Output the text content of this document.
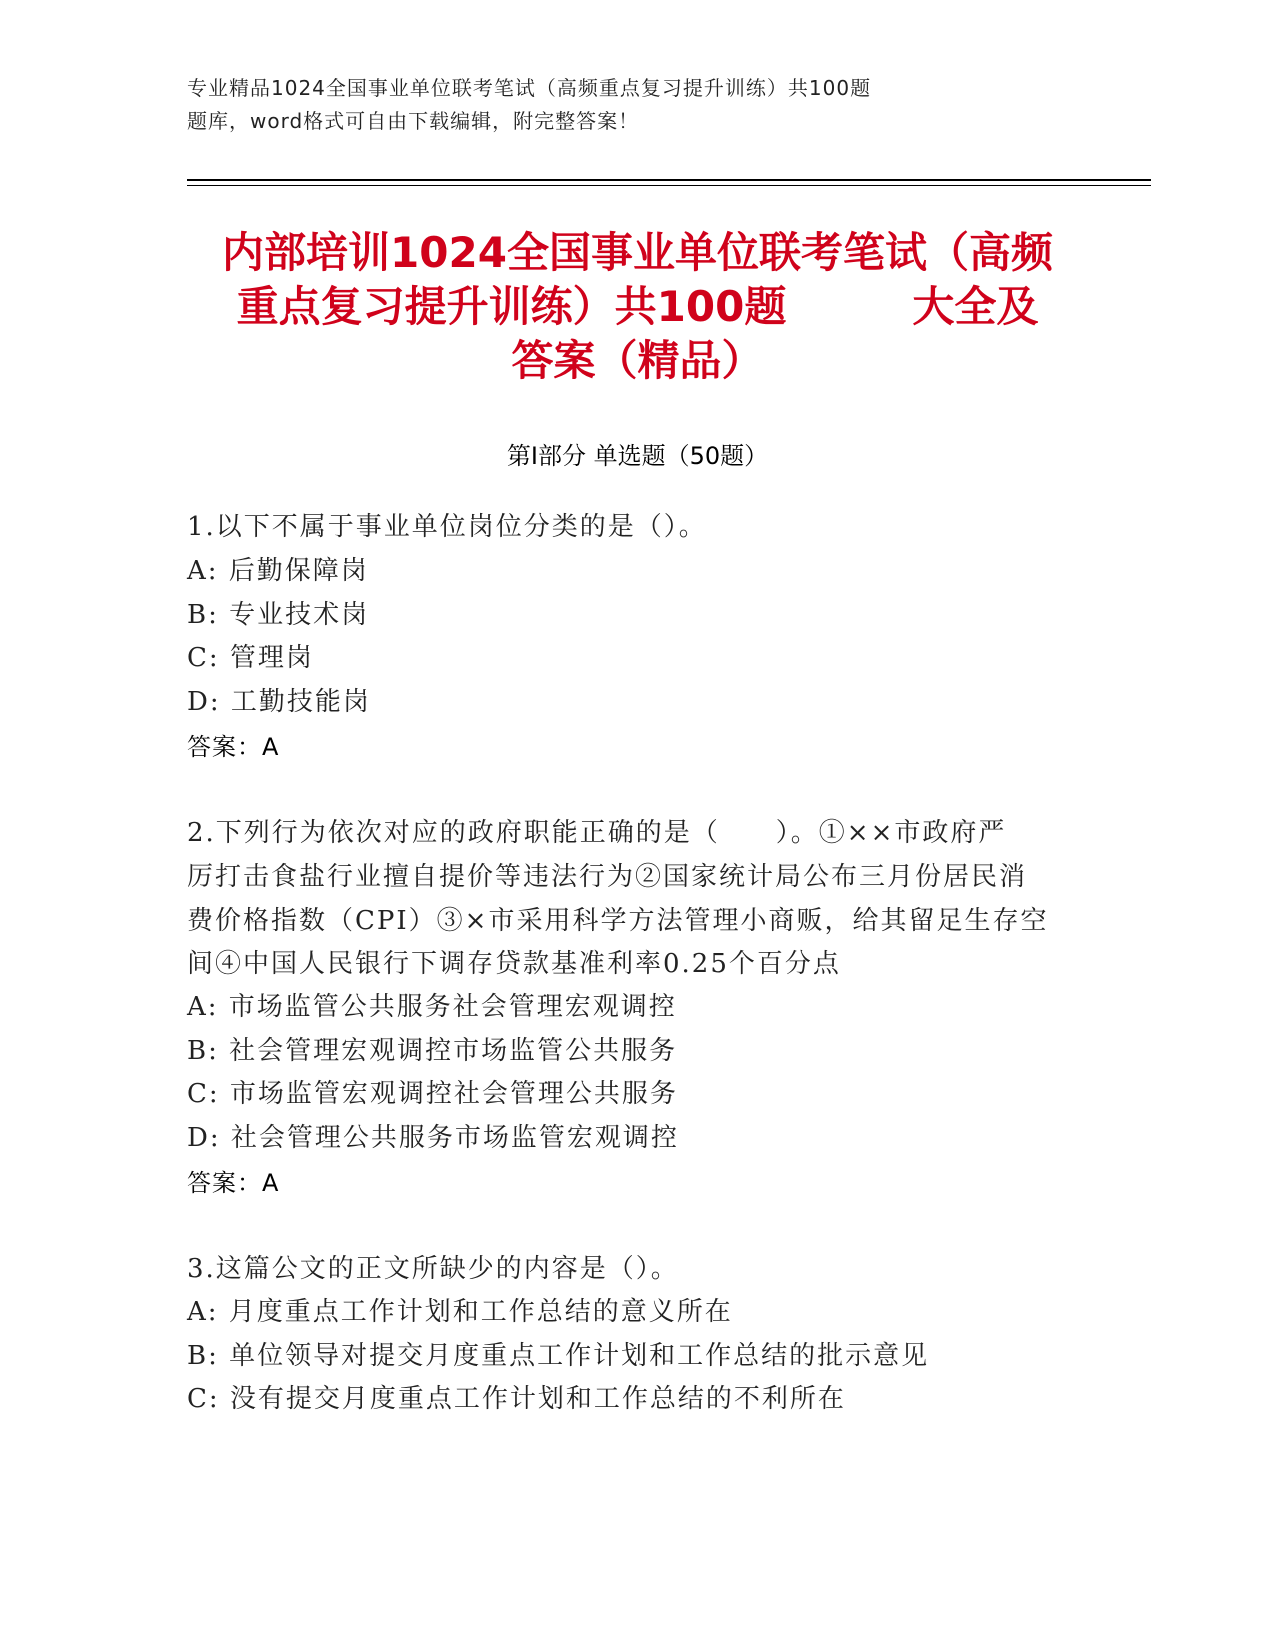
专业精品1024全国事业单位联考笔试（高频重点复习提升训练）共100题
题库，word格式可自由下载编辑，附完整答案！
内部培训1024全国事业单位联考笔试（高频
重点复习提升训练）共100题　　　大全及
答案（精品）
第Ⅰ部分 单选题（50题）
1.以下不属于事业单位岗位分类的是（）。
A: 后勤保障岗
B: 专业技术岗
C: 管理岗
D: 工勤技能岗
答案：A
2.下列行为依次对应的政府职能正确的是（　　）。①××市政府严
厉打击食盐行业擅自提价等违法行为②国家统计局公布三月份居民消
费价格指数（CPI）③×市采用科学方法管理小商贩，给其留足生存空
间④中国人民银行下调存贷款基准利率0.25个百分点
A: 市场监管公共服务社会管理宏观调控
B: 社会管理宏观调控市场监管公共服务
C: 市场监管宏观调控社会管理公共服务
D: 社会管理公共服务市场监管宏观调控
答案：A
3.这篇公文的正文所缺少的内容是（）。
A: 月度重点工作计划和工作总结的意义所在
B: 单位领导对提交月度重点工作计划和工作总结的批示意见
C: 没有提交月度重点工作计划和工作总结的不利所在
